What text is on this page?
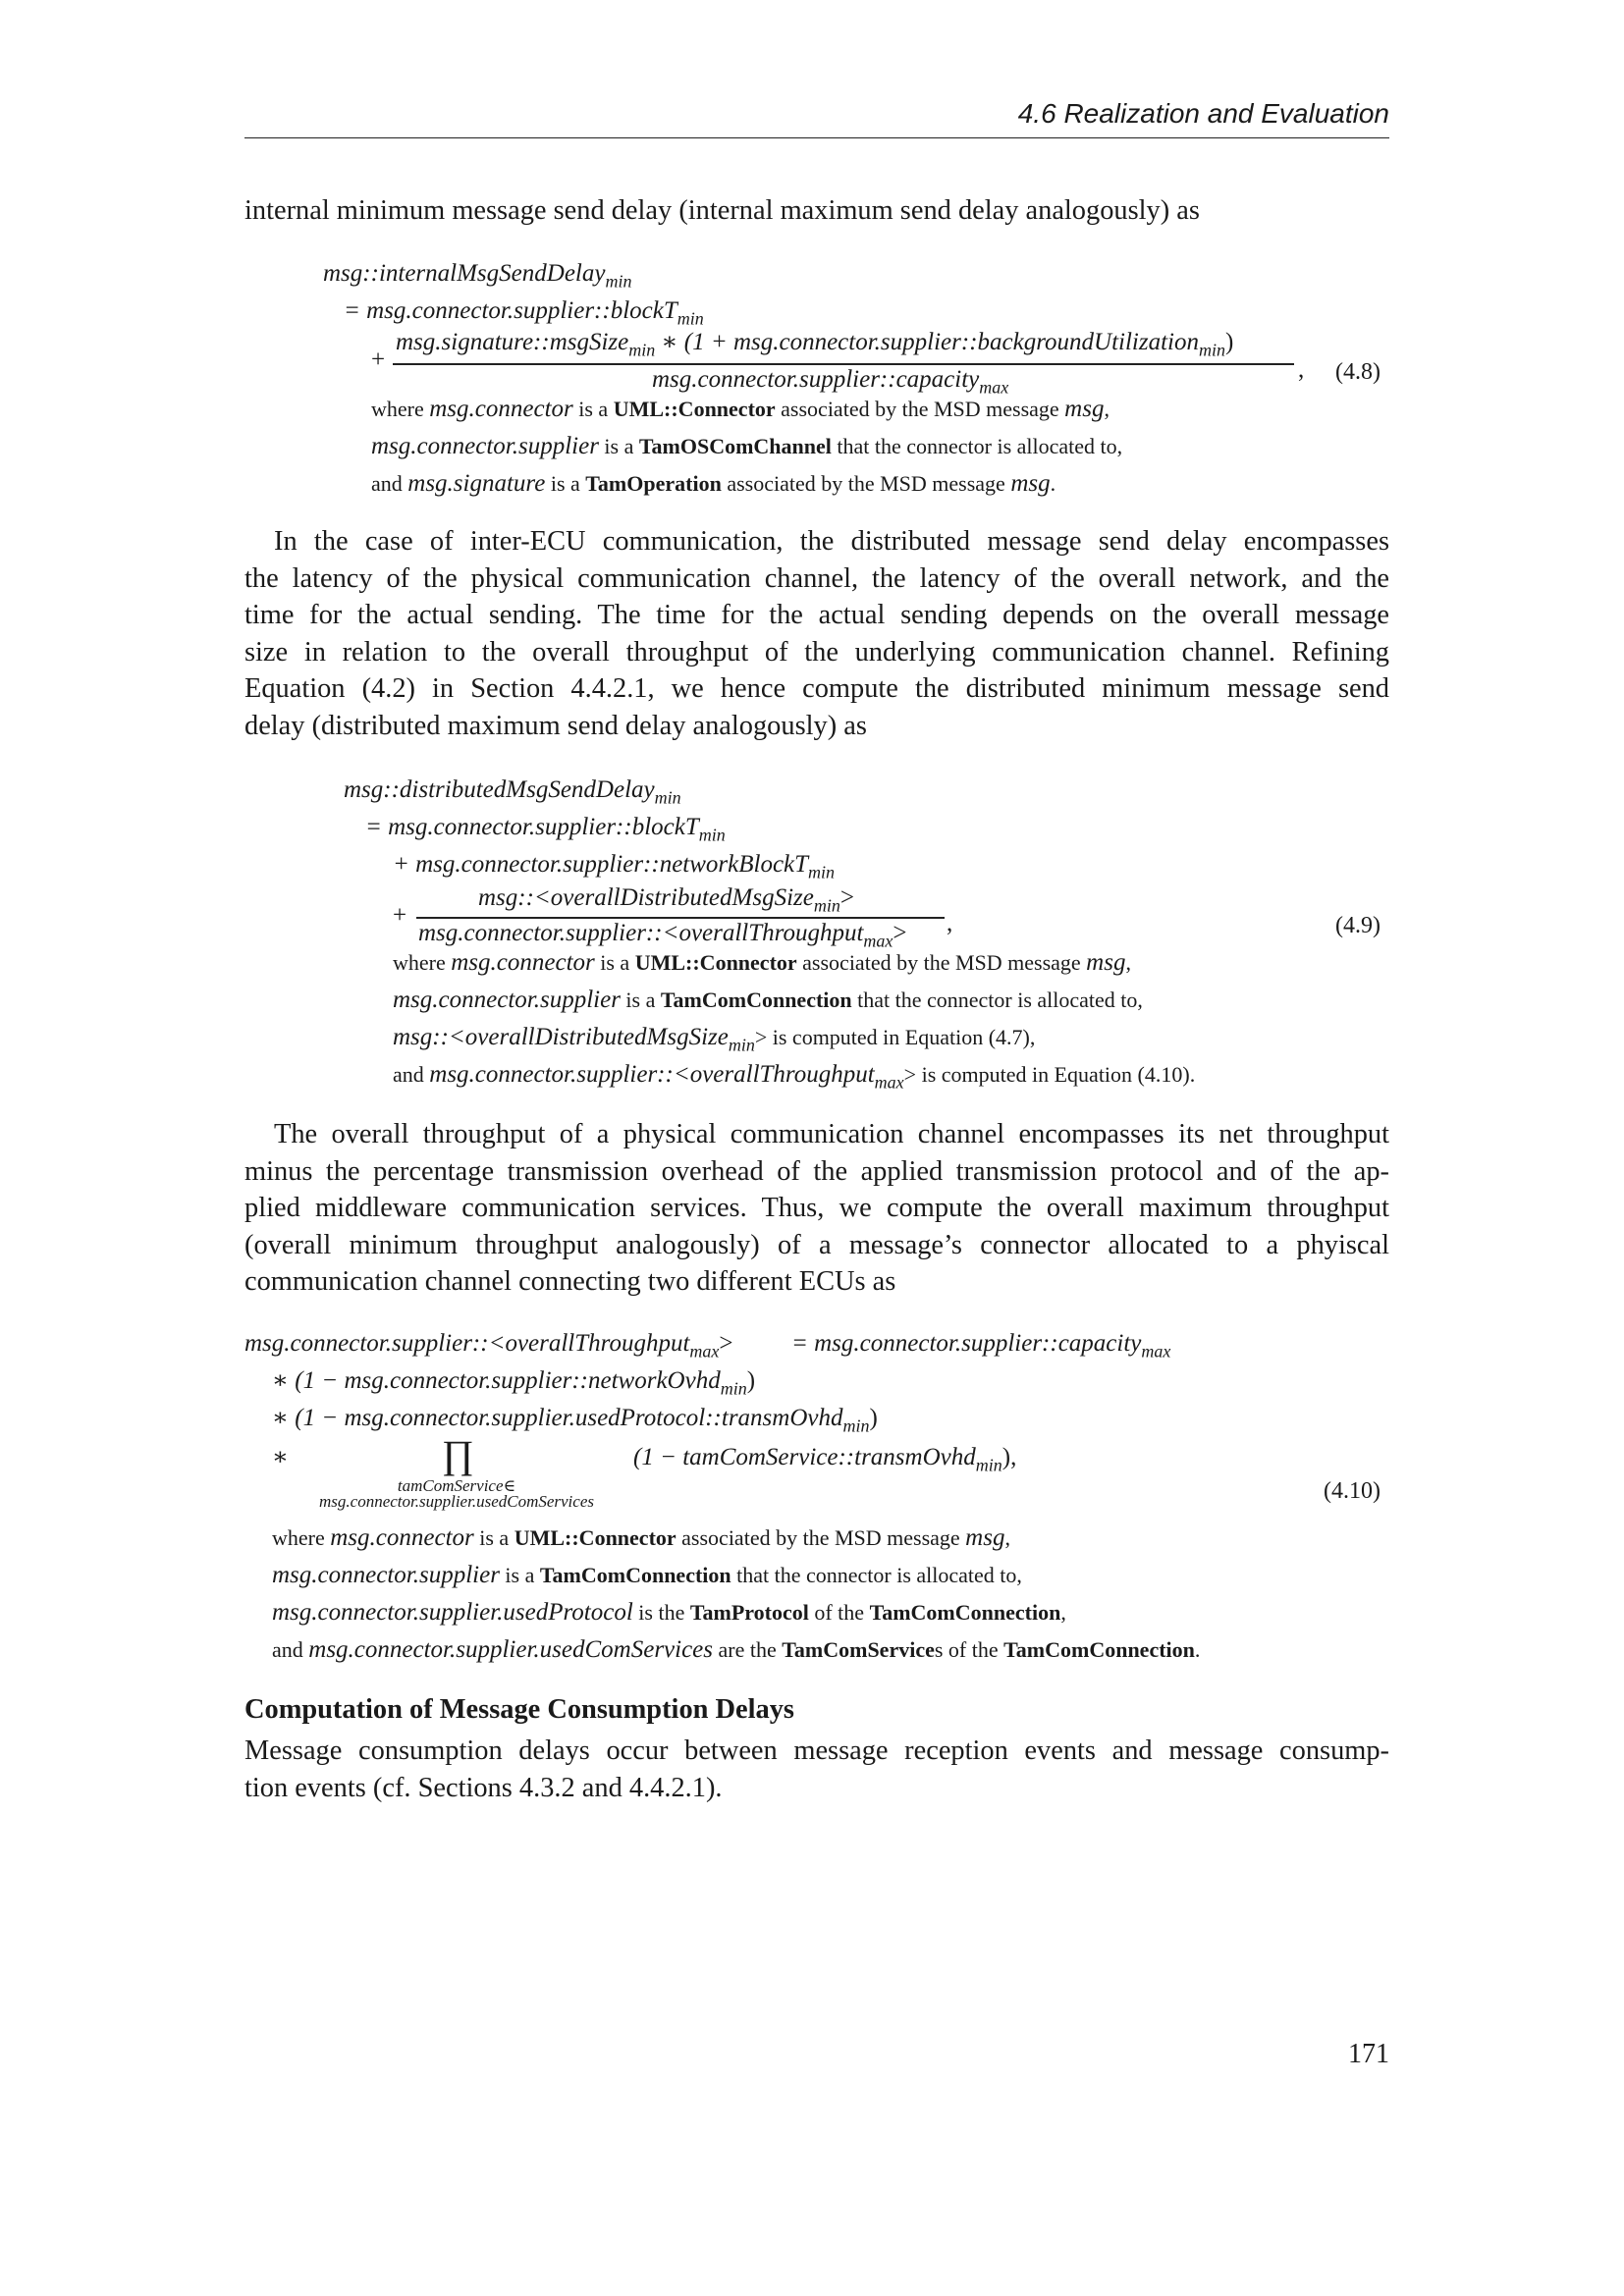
4.6 Realization and Evaluation

internal minimum message send delay (internal maximum send delay analogously) as

msg::internalMsgSendDelay$_{min}$
= msg.connector.supplier::blockT$_{min}$
+
msg.signature::msgSize$_{min}$ ∗ (1 + msg.connector.supplier::backgroundUtilization$_{min}$)
msg.connector.supplier::capacity$_{max}$
, (4.8)
where msg.connector is a UML::Connector associated by the MSD message msg,
msg.connector.supplier is a TamOSComChannel that the connector is allocated to,
and msg.signature is a TamOperation associated by the MSD message msg.

In the case of inter-ECU communication, the distributed message send delay encompasses
the latency of the physical communication channel, the latency of the overall network, and the
time for the actual sending. The time for the actual sending depends on the overall message
size in relation to the overall throughput of the underlying communication channel. Refining
Equation (4.2) in Section 4.4.2.1, we hence compute the distributed minimum message send
delay (distributed maximum send delay analogously) as

msg::distributedMsgSendDelay$_{min}$
= msg.connector.supplier::blockT$_{min}$
+ msg.connector.supplier::networkBlockT$_{min}$
+
msg::<overallDistributedMsgSize$_{min}$>
msg.connector.supplier::<overallThroughput$_{max}$> ,	(4.9)
where msg.connector is a UML::Connector associated by the MSD message msg,
msg.connector.supplier is a TamComConnection that the connector is allocated to,
msg::<overallDistributedMsgSize$_{min}$> is computed in Equation (4.7),
and msg.connector.supplier::<overallThroughput$_{max}$> is computed in Equation (4.10).

The overall throughput of a physical communication channel encompasses its net throughput
minus the percentage transmission overhead of the applied transmission protocol and of the ap-
plied middleware communication services. Thus, we compute the overall maximum throughput
(overall minimum throughput analogously) of a message’s connector allocated to a phyiscal
communication channel connecting two different ECUs as

msg.connector.supplier::<overallThroughput$_{max}$> = msg.connector.supplier::capacity$_{max}$
∗ (1 − msg.connector.supplier::networkOvhd$_{min}$)
∗ (1 − msg.connector.supplier.usedProtocol::transmOvhd$_{min}$)
∗	∏
tamComService∈
msg.connector.supplier.usedComServices
(1 − tamComService::transmOvhd$_{min}$),
(4.10)
where msg.connector is a UML::Connector associated by the MSD message msg,
msg.connector.supplier is a TamComConnection that the connector is allocated to,
msg.connector.supplier.usedProtocol is the TamProtocol of the TamComConnection,
and msg.connector.supplier.usedComServices are the TamComServices of the TamComConnection.
Computation of Message Consumption Delays

Message consumption delays occur between message reception events and message consump-
tion events (cf. Sections 4.3.2 and 4.4.2.1).

171
